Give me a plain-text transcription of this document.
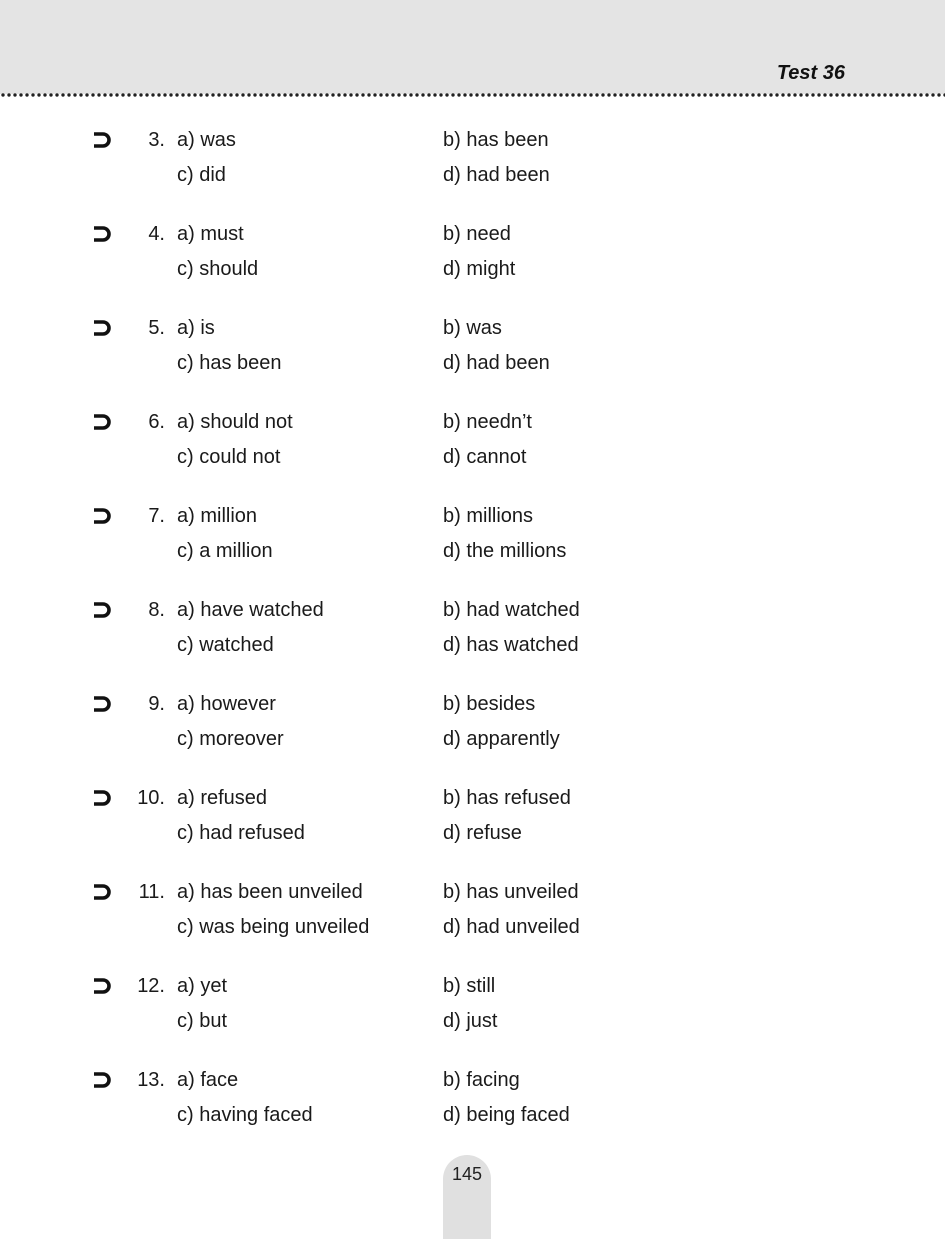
Test 36
3. a) was	b) has been
c) did	d) had been
4. a) must	b) need
c) should	d) might
5. a) is	b) was
c) has been	d) had been
6. a) should not	b) needn’t
c) could not	d) cannot
7. a) million	b) millions
c) a million	d) the millions
8. a) have watched	b) had watched
c) watched	d) has watched
9. a) however	b) besides
c) moreover	d) apparently
10. a) refused	b) has refused
c) had refused	d) refuse
11. a) has been unveiled	b) has unveiled
c) was being unveiled	d) had unveiled
12. a) yet	b) still
c) but	d) just
13. a) face	b) facing
c) having faced	d) being faced
145
